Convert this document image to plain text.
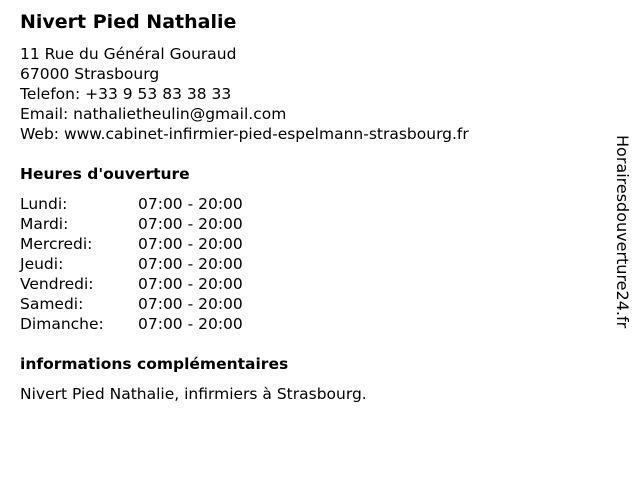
Nivert Pied Nathalie
11 Rue du Général Gouraud
67000 Strasbourg
Telefon: +33 9 53 83 38 33
Email: nathalietheulin@gmail.com
Web: www.cabinet-infirmier-pied-espelmann-strasbourg.fr
Heures d'ouverture
Lundi:	07:00 - 20:00
Mardi:	07:00 - 20:00
Mercredi:	07:00 - 20:00
Jeudi:	07:00 - 20:00
Vendredi:	07:00 - 20:00
Samedi:	07:00 - 20:00
Dimanche: 07:00 - 20:00
informations complémentaires
Nivert Pied Nathalie, infirmiers à Strasbourg.
Horairesdouverture24.fr
